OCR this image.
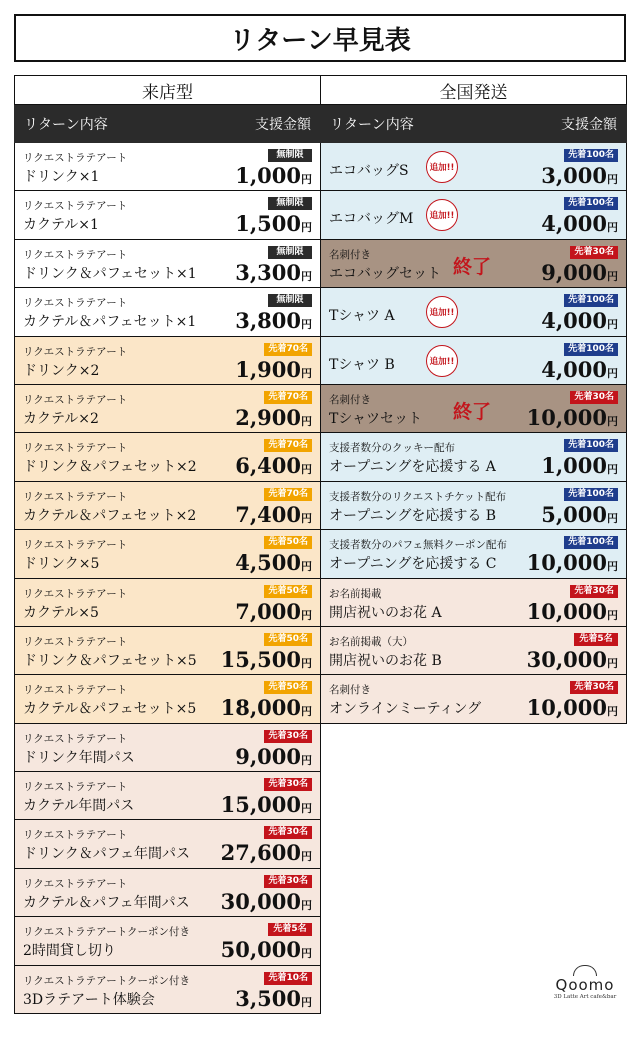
リターン早見表
来店型
リターン内容	支援金額
リクエストラテアート
ドリンク×1
無制限
1,000円
リクエストラテアート
カクテル×1
無制限
1,500円
リクエストラテアート
ドリンク＆パフェセット×1
無制限
3,300円
リクエストラテアート
カクテル＆パフェセット×1
無制限
3,800円
リクエストラテアート
ドリンク×2
先着70名
1,900円
リクエストラテアート
カクテル×2
先着70名
2,900円
リクエストラテアート
ドリンク＆パフェセット×2
先着70名
6,400円
リクエストラテアート
カクテル＆パフェセット×2
先着70名
7,400円
リクエストラテアート
ドリンク×5
先着50名
4,500円
リクエストラテアート
カクテル×5
先着50名
7,000円
リクエストラテアート
ドリンク＆パフェセット×5
先着50名
15,500円
リクエストラテアート
カクテル＆パフェセット×5
先着50名
18,000円
リクエストラテアート
ドリンク年間パス
先着30名
9,000円
リクエストラテアート
カクテル年間パス
先着30名
15,000円
リクエストラテアート
ドリンク＆パフェ年間パス
先着30名
27,600円
リクエストラテアート
カクテル＆パフェ年間パス
先着30名
30,000円
リクエストラテアートクーポン付き
2時間貸し切り
先着5名
50,000円
リクエストラテアートクーポン付き
3Dラテアート体験会
先着10名
3,500円
全国発送
リターン内容	支援金額
エコバッグS
先着100名
3,000円
追加!!
エコバッグM
先着100名
4,000円
追加!!
名刺付き
エコバッグセット
先着30名
9,000円
終了
Tシャツ A
先着100名
4,000円
追加!!
Tシャツ B
先着100名
4,000円
追加!!
名刺付き
Tシャツセット
先着30名
10,000円
終了
支援者数分のクッキー配布
オープニングを応援する A
先着100名
1,000円
支援者数分のリクエストチケット配布
オープニングを応援する B
先着100名
5,000円
支援者数分のパフェ無料クーポン配布
オープニングを応援する C
先着100名
10,000円
お名前掲載
開店祝いのお花 A
先着30名
10,000円
お名前掲載（大）
開店祝いのお花 B
先着5名
30,000円
名刺付き
オンラインミーティング
先着30名
10,000円
Qoomo
3D Latte Art cafe&bar
